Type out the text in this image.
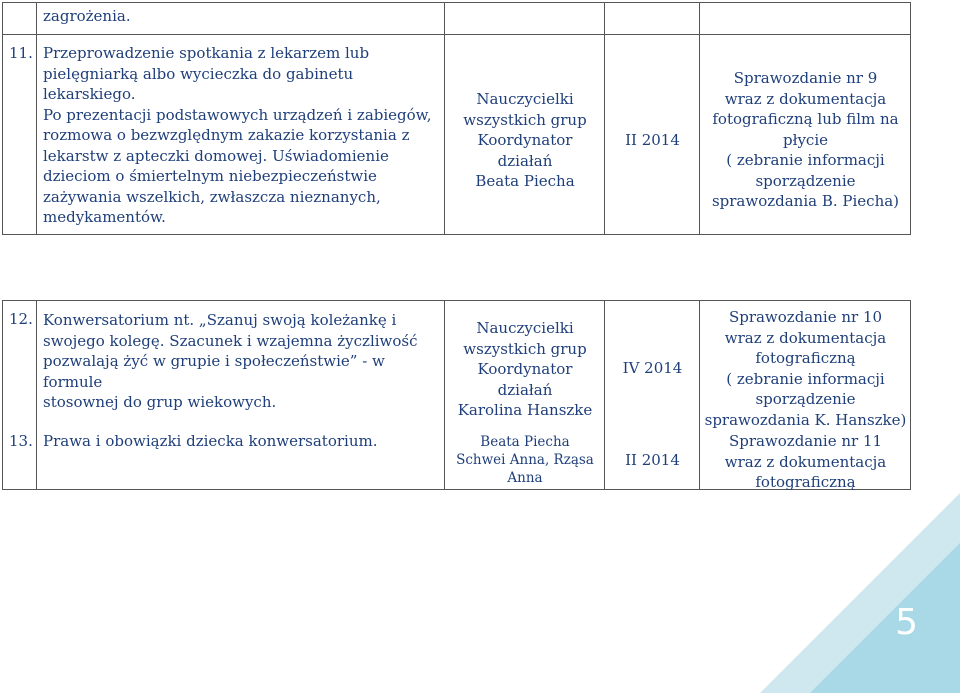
zagrożenia.
11. Przeprowadzenie spotkania z lekarzem lub
pielęgniarką albo wycieczka do gabinetu lekarskiego.
Po prezentacji podstawowych urządzeń i zabiegów,
rozmowa o bezwzględnym zakazie korzystania z
lekarstw z apteczki domowej. Uświadomienie
dzieciom o śmiertelnym niebezpieczeństwie
zażywania wszelkich, zwłaszcza nieznanych,
medykamentów.
Nauczycielki
wszystkich grup
Koordynator
działań
Beata Piecha
II 2014
Sprawozdanie nr 9
wraz z dokumentacja
fotograficzną lub film na
płycie
( zebranie informacji
sporządzenie
sprawozdania B. Piecha)
12. Konwersatorium nt. „Szanuj swoją koleżankę i
swojego kolegę. Szacunek i wzajemna życzliwość
pozwalają żyć w grupie i społeczeństwie” - w formule
stosownej do grup wiekowych.
Nauczycielki
wszystkich grup
Koordynator
działań
Karolina Hanszke
IV 2014
Sprawozdanie nr 10
wraz z dokumentacja
fotograficzną
( zebranie informacji
sporządzenie
sprawozdania K. Hanszke)
13. Prawa i obowiązki dziecka konwersatorium.	Beata Piecha
Schwei Anna, Rząsa
Anna
II 2014
Sprawozdanie nr 11
wraz z dokumentacja
fotograficzną
5
